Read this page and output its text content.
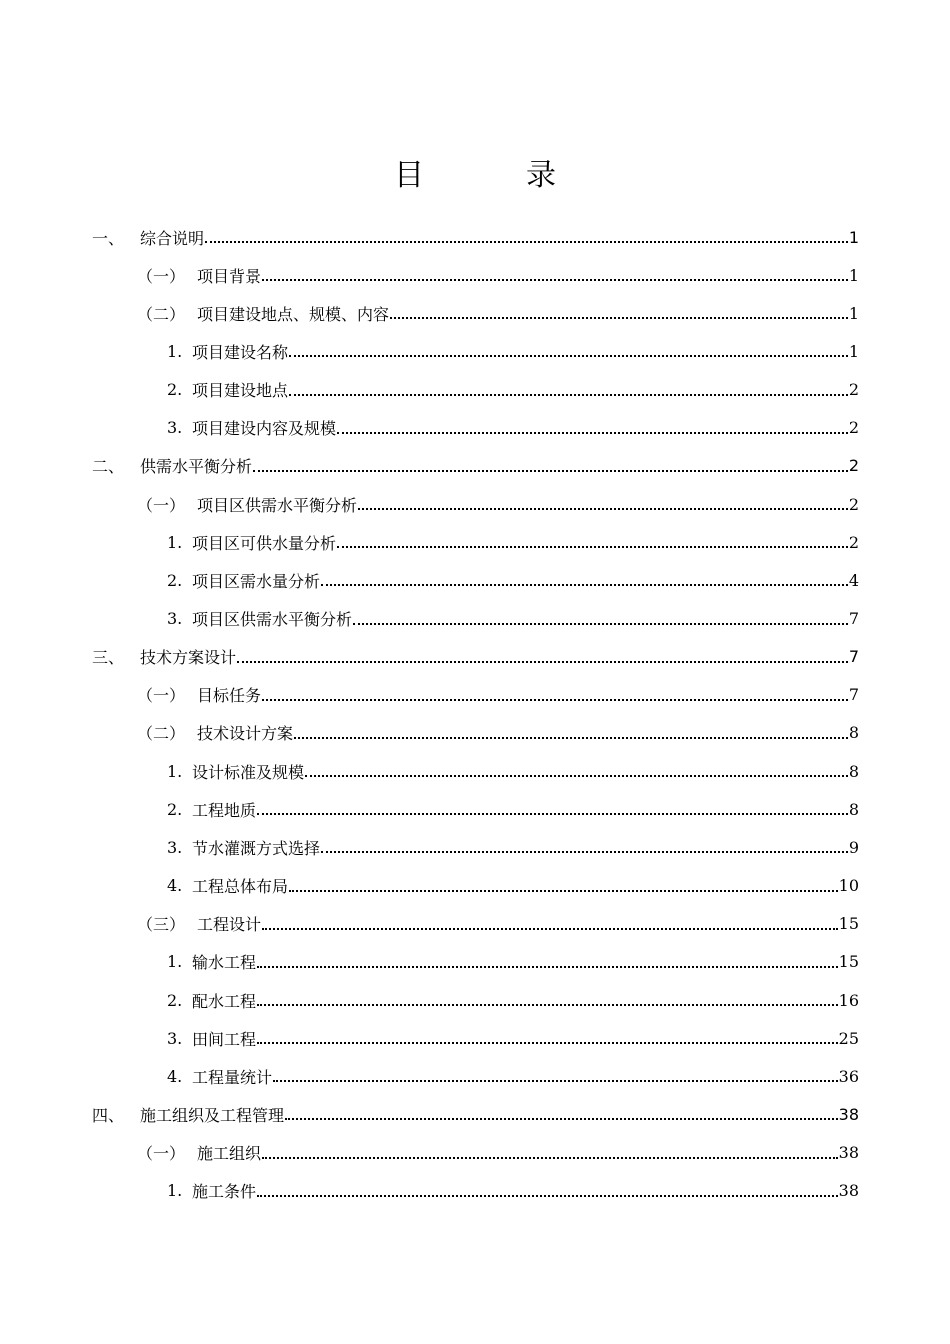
目　录
一、 综合说明	1
（一） 项目背景	1
（二） 项目建设地点、规模、内容	1
1. 项目建设名称	1
2. 项目建设地点	2
3. 项目建设内容及规模	2
二、 供需水平衡分析	2
（一） 项目区供需水平衡分析	2
1. 项目区可供水量分析	2
2. 项目区需水量分析	4
3. 项目区供需水平衡分析	7
三、 技术方案设计	7
（一） 目标任务	7
（二） 技术设计方案	8
1. 设计标准及规模	8
2. 工程地质	8
3. 节水灌溉方式选择	9
4. 工程总体布局	10
（三） 工程设计	15
1. 输水工程	15
2. 配水工程	16
3. 田间工程	25
4. 工程量统计	36
四、 施工组织及工程管理	38
（一） 施工组织	38
1. 施工条件	38
